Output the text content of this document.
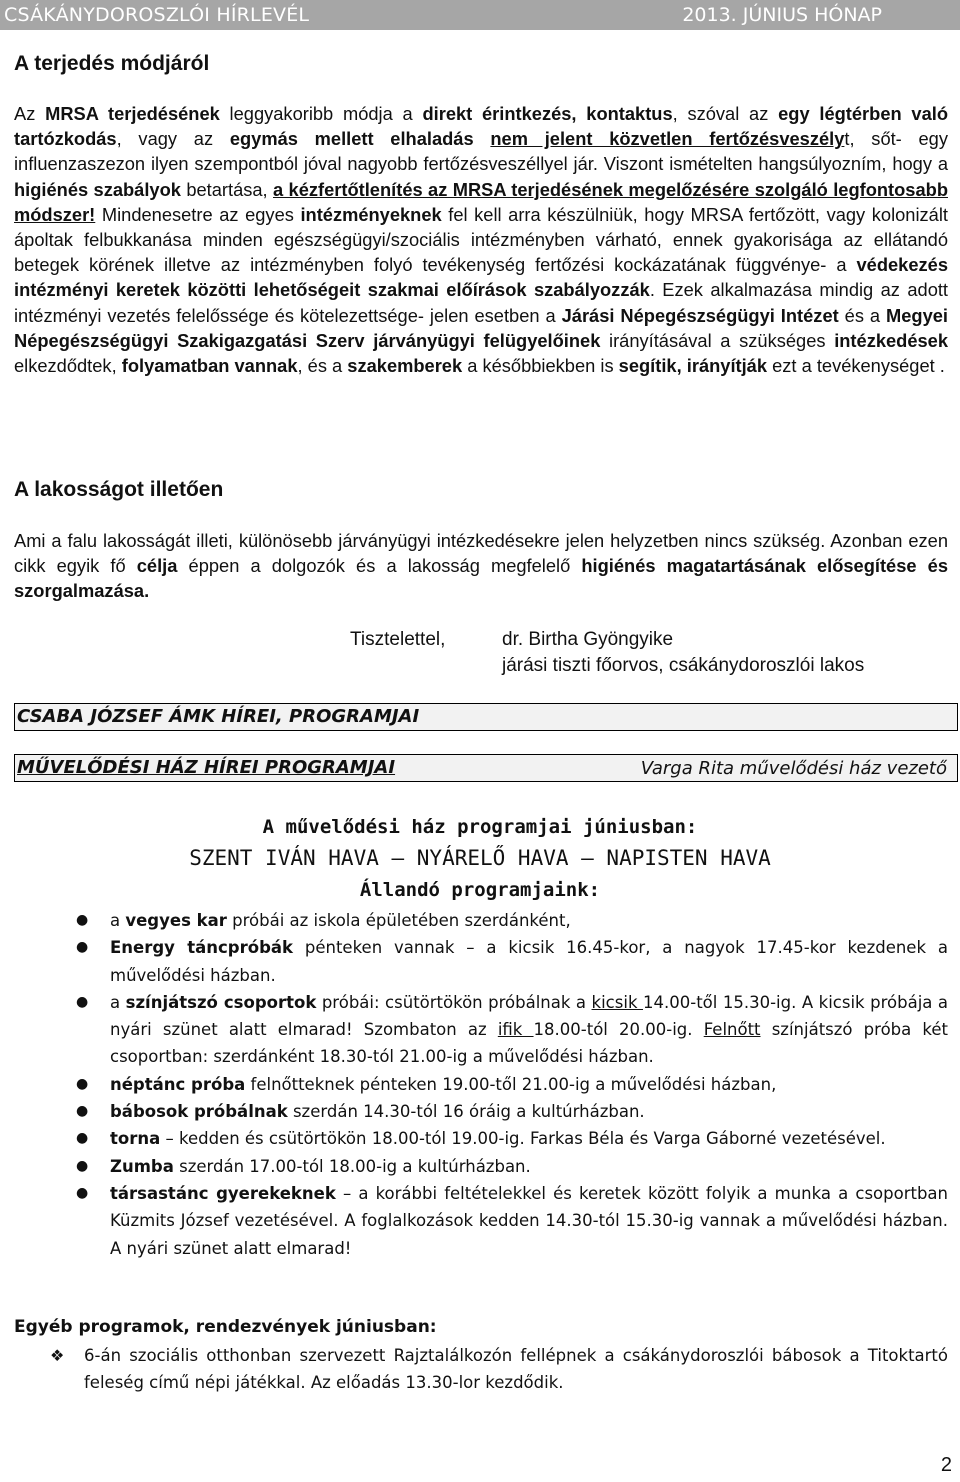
CSÁKÁNYDOROSZLÓI HÍRLEVÉL	2013. JÚNIUS HÓNAP
A terjedés módjáról

Az MRSA terjedésének leggyakoribb módja a direkt érintkezés, kontaktus, szóval az egy légtérben való tartózkodás, vagy az egymás mellett elhaladás nem jelent közvetlen fertőzésveszélyt, sőt- egy influenzaszezon ilyen szempontból jóval nagyobb fertőzésveszéllyel jár. Viszont ismételten hangsúlyozním, hogy a higiénés szabályok betartása, a kézfertőtlenítés az MRSA terjedésének megelőzésére szolgáló legfontosabb módszer! Mindenesetre az egyes intézményeknek fel kell arra készülniük, hogy MRSA fertőzött, vagy kolonizált ápoltak felbukkanása minden egészségügyi/szociális intézményben várható, ennek gyakorisága az ellátandó betegek körének illetve az intézményben folyó tevékenység fertőzési kockázatának függvénye- a védekezés intézményi keretek közötti lehetőségeit szakmai előírások szabályozzák. Ezek alkalmazása mindig az adott intézményi vezetés felelőssége és kötelezettsége- jelen esetben a Járási Népegészségügyi Intézet és a Megyei Népegészségügyi Szakigazgatási Szerv járványügyi felügyelőinek irányításával a szükséges intézkedések elkezdődtek, folyamatban vannak, és a szakemberek a későbbiekben is segítik, irányítják ezt a tevékenységet .

A lakosságot illetően

Ami a falu lakosságát illeti, különösebb járványügyi intézkedésekre jelen helyzetben nincs szükség. Azonban ezen cikk egyik fő célja éppen a dolgozók és a lakosság megfelelő higiénés magatartásának elősegítése és szorgalmazása.

Tisztelettel,	dr. Birtha Gyöngyike
járási tiszti főorvos, csákánydoroszlói lakos
CSABA JÓZSEF ÁMK HÍREI, PROGRAMJAI
MŰVELŐDÉSI HÁZ HÍREI PROGRAMJAI	Varga Rita művelődési ház vezető
A művelődési ház programjai júniusban:
SZENT IVÁN HAVA – NYÁRELŐ HAVA – NAPISTEN HAVA
Állandó programjaink:
● a vegyes kar próbái az iskola épületében szerdánként,
● Energy táncpróbák pénteken vannak – a kicsik 16.45-kor, a nagyok 17.45-kor kezdenek a művelődési házban.
● a színjátszó csoportok próbái: csütörtökön próbálnak a kicsik 14.00-től 15.30-ig. A kicsik próbája a nyári szünet alatt elmarad! Szombaton az ifik 18.00-tól 20.00-ig. Felnőtt színjátszó próba két csoportban: szerdánként 18.30-tól 21.00-ig a művelődési házban.
● néptánc próba felnőtteknek pénteken 19.00-től 21.00-ig a művelődési házban,
● bábosok próbálnak szerdán 14.30-tól 16 óráig a kultúrházban.
● torna – kedden és csütörtökön 18.00-tól 19.00-ig. Farkas Béla és Varga Gáborné vezetésével.
● Zumba szerdán 17.00-tól 18.00-ig a kultúrházban.
● társastánc gyerekeknek – a korábbi feltételekkel és keretek között folyik a munka a csoportban Küzmits József vezetésével. A foglalkozások kedden 14.30-tól 15.30-ig vannak a művelődési házban. A nyári szünet alatt elmarad!
Egyéb programok, rendezvények júniusban:
❖	6-án szociális otthonban szervezett Rajztalálkozón fellépnek a csákánydoroszlói bábosok a Titoktartó feleség című népi játékkal. Az előadás 13.30-lor kezdődik.
2
